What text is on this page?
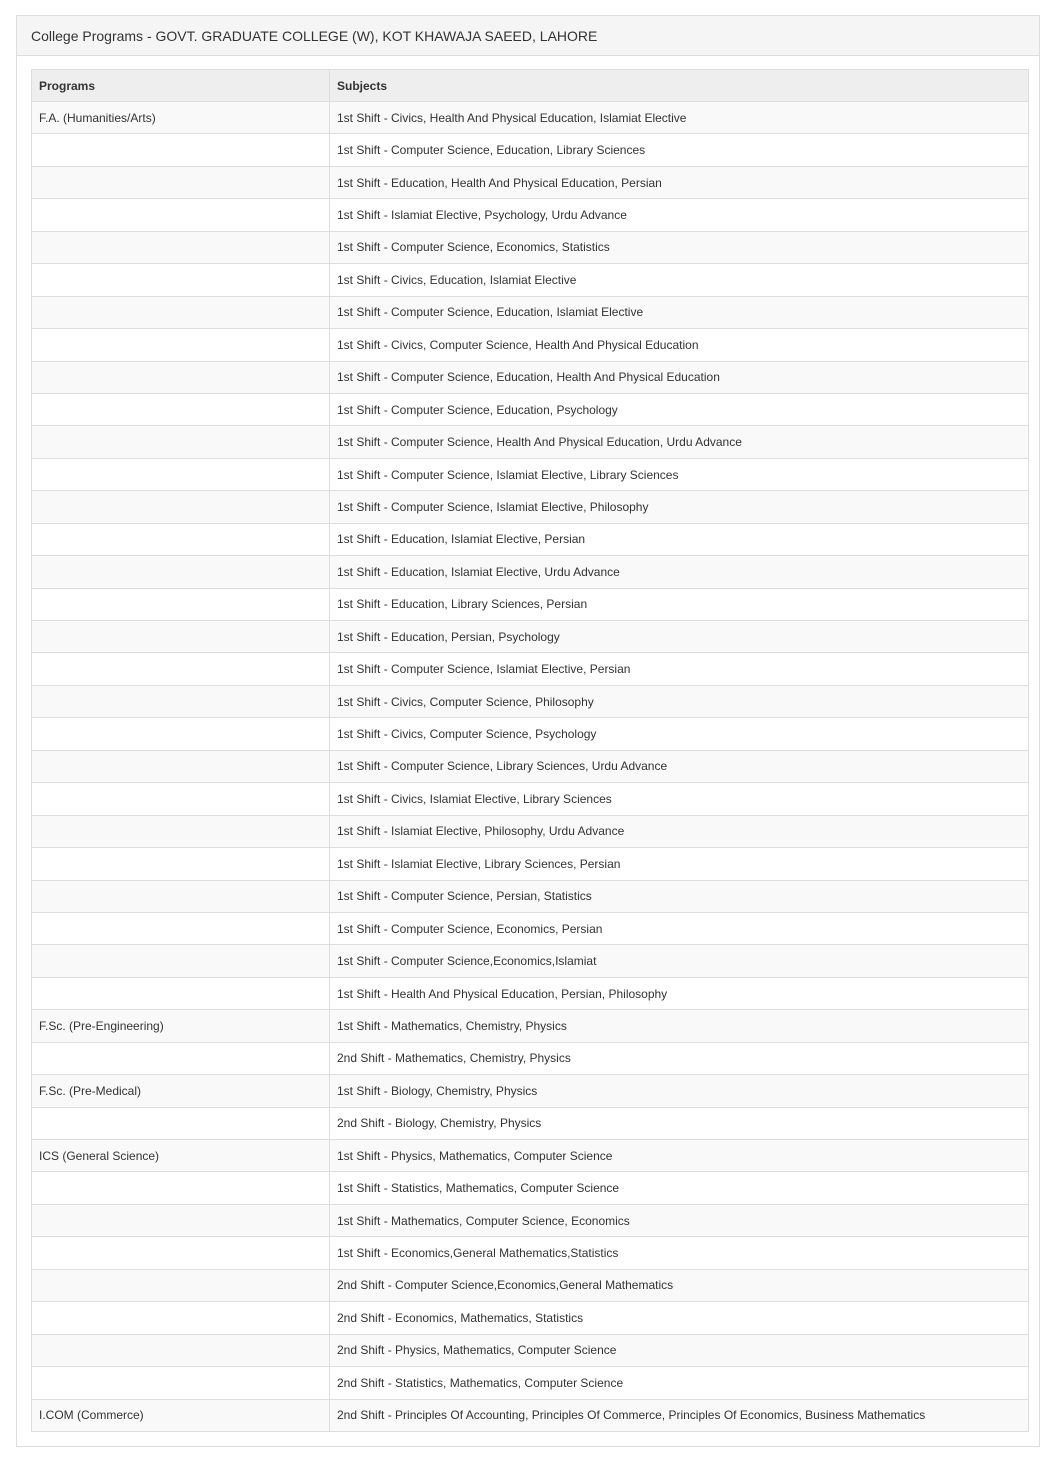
College Programs - GOVT. GRADUATE COLLEGE (W), KOT KHAWAJA SAEED, LAHORE
Programs	Subjects
F.A. (Humanities/Arts)	1st Shift - Civics, Health And Physical Education, Islamiat Elective
	1st Shift - Computer Science, Education, Library Sciences
	1st Shift - Education, Health And Physical Education, Persian
	1st Shift - Islamiat Elective, Psychology, Urdu Advance
	1st Shift - Computer Science, Economics, Statistics
	1st Shift - Civics, Education, Islamiat Elective
	1st Shift - Computer Science, Education, Islamiat Elective
	1st Shift - Civics, Computer Science, Health And Physical Education
	1st Shift - Computer Science, Education, Health And Physical Education
	1st Shift - Computer Science, Education, Psychology
	1st Shift - Computer Science, Health And Physical Education, Urdu Advance
	1st Shift - Computer Science, Islamiat Elective, Library Sciences
	1st Shift - Computer Science, Islamiat Elective, Philosophy
	1st Shift - Education, Islamiat Elective, Persian
	1st Shift - Education, Islamiat Elective, Urdu Advance
	1st Shift - Education, Library Sciences, Persian
	1st Shift - Education, Persian, Psychology
	1st Shift - Computer Science, Islamiat Elective, Persian
	1st Shift - Civics, Computer Science, Philosophy
	1st Shift - Civics, Computer Science, Psychology
	1st Shift - Computer Science, Library Sciences, Urdu Advance
	1st Shift - Civics, Islamiat Elective, Library Sciences
	1st Shift - Islamiat Elective, Philosophy, Urdu Advance
	1st Shift - Islamiat Elective, Library Sciences, Persian
	1st Shift - Computer Science, Persian, Statistics
	1st Shift - Computer Science, Economics, Persian
	1st Shift - Computer Science,Economics,Islamiat
	1st Shift - Health And Physical Education, Persian, Philosophy
F.Sc. (Pre-Engineering)	1st Shift - Mathematics, Chemistry, Physics
	2nd Shift - Mathematics, Chemistry, Physics
F.Sc. (Pre-Medical)	1st Shift - Biology, Chemistry, Physics
	2nd Shift - Biology, Chemistry, Physics
ICS (General Science)	1st Shift - Physics, Mathematics, Computer Science
	1st Shift - Statistics, Mathematics, Computer Science
	1st Shift - Mathematics, Computer Science, Economics
	1st Shift - Economics,General Mathematics,Statistics
	2nd Shift - Computer Science,Economics,General Mathematics
	2nd Shift - Economics, Mathematics, Statistics
	2nd Shift - Physics, Mathematics, Computer Science
	2nd Shift - Statistics, Mathematics, Computer Science
I.COM (Commerce)	2nd Shift - Principles Of Accounting, Principles Of Commerce, Principles Of Economics, Business Mathematics
